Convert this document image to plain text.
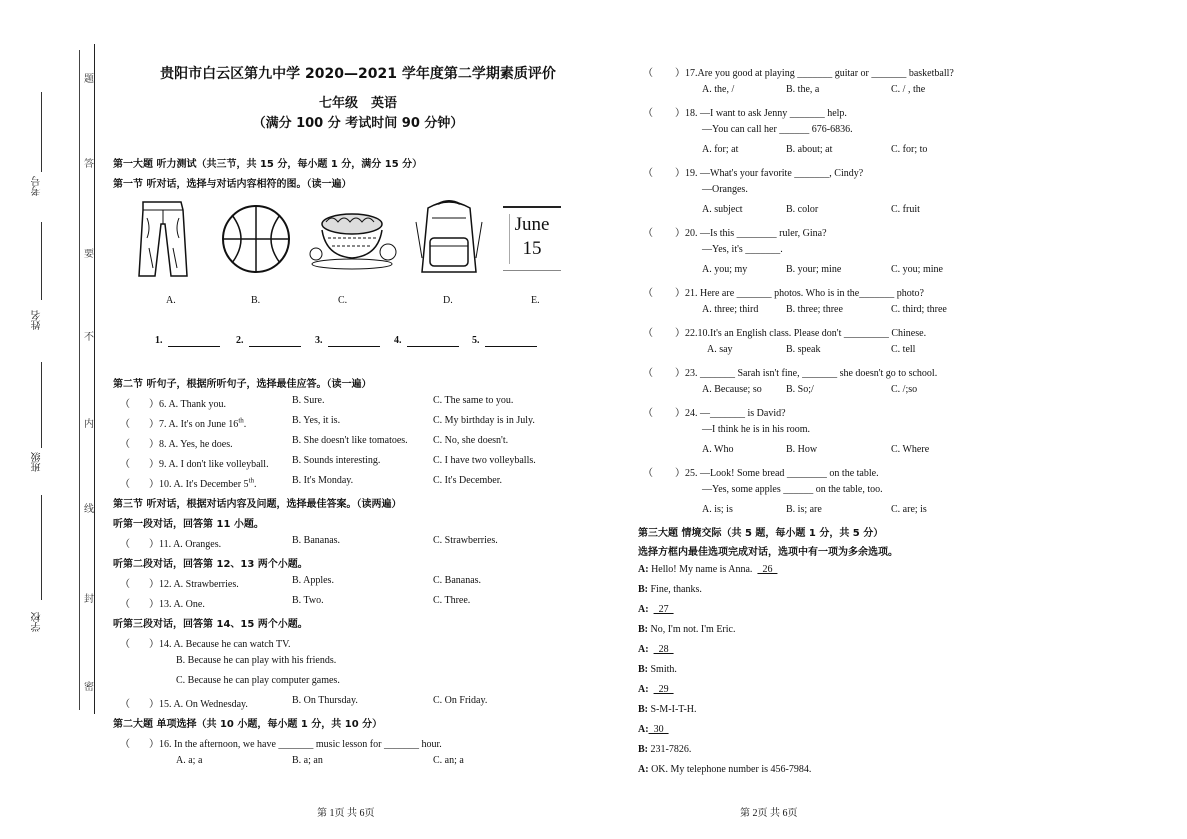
题
答
要
不
内
线
封
密
考号
姓名
班级
学校
贵阳市白云区第九中学 2020—2021 学年度第二学期素质评价
七年级　英语
（满分 100 分 考试时间 90 分钟）
第一大题 听力测试（共三节，共 15 分，每小题 1 分，满分 15 分）
第一节 听对话，选择与对话内容相符的图。（读一遍）
June
15
A.	B.	C.	D.	E.
1.	2.	3.	4.	5.
第二节 听句子，根据所听句子，选择最佳应答。（读一遍）
（ ）6. A. Thank you.	B. Sure.	C. The same to you.
（ ）7. A. It's on June 16th.	B. Yes, it is.	C. My birthday is in July.
（ ）8. A. Yes, he does.	B. She doesn't like tomatoes.	C. No, she doesn't.
（ ）9. A. I don't like volleyball. B. Sounds interesting.	C. I have two volleyballs.
（ ）10. A. It's December 5th.	B. It's Monday.	C. It's December.
第三节 听对话，根据对话内容及问题，选择最佳答案。（读两遍）
听第一段对话，回答第 11 小题。
（ ）11. A. Oranges.	B. Bananas.	C. Strawberries.
听第二段对话，回答第 12、13 两个小题。
（ ）12. A. Strawberries.	B. Apples.	C. Bananas.
（ ）13. A. One.	B. Two.	C. Three.
听第三段对话，回答第 14、15 两个小题。
（ ）14. A. Because he can watch TV.
B. Because he can play with his friends.
C. Because he can play computer games.
（ ）15. A. On Wednesday.	B. On Thursday.	C. On Friday.
第二大题 单项选择（共 10 小题，每小题 1 分，共 10 分）
（ ）16. In the afternoon, we have _______ music lesson for _______ hour.
A. a; a	B. a; an	C. an; a
（ ）17.Are you good at playing _______ guitar or _______ basketball?
A. the, /	B. the, a	C. / , the
（ ）18. —I want to ask Jenny _______ help.
—You can call her ______ 676-6836.
A. for; at	B. about; at	C. for; to
（ ）19. —What's your favorite _______, Cindy?
—Oranges.
A. subject	B. color	C. fruit
（ ）20. —Is this ________ ruler, Gina?
—Yes, it's _______.
A. you; my	B. your; mine	C. you; mine
（ ）21. Here are _______ photos. Who is in the_______ photo?
A. three; third	B. three; three	C. third; three
（ ）22.10.It's an English class. Please don't _________ Chinese.
A. say	B. speak	C. tell
（ ）23. _______ Sarah isn't fine, _______ she doesn't go to school.
A. Because; so B. So;/	C. /;so
（ ）24. —_______ is David?
—I think he is in his room.
A. Who	B. How	C. Where
（ ）25. —Look! Some bread ________ on the table.
—Yes, some apples ______ on the table, too.
A. is; is	B. is; are	C. are; is
第三大题 情境交际（共 5 题，每小题 1 分，共 5 分）
选择方框内最佳选项完成对话，选项中有一项为多余选项。
A: Hello! My name is Anna.    26
B: Fine, thanks.
A:    27
B: No, I'm not. I'm Eric.
A:    28
B: Smith.
A:    29
B: S-M-I-T-H.
A:  30
B: 231-7826.
A: OK. My telephone number is 456-7984.
第 1页 共 6页	第 2页 共 6页
